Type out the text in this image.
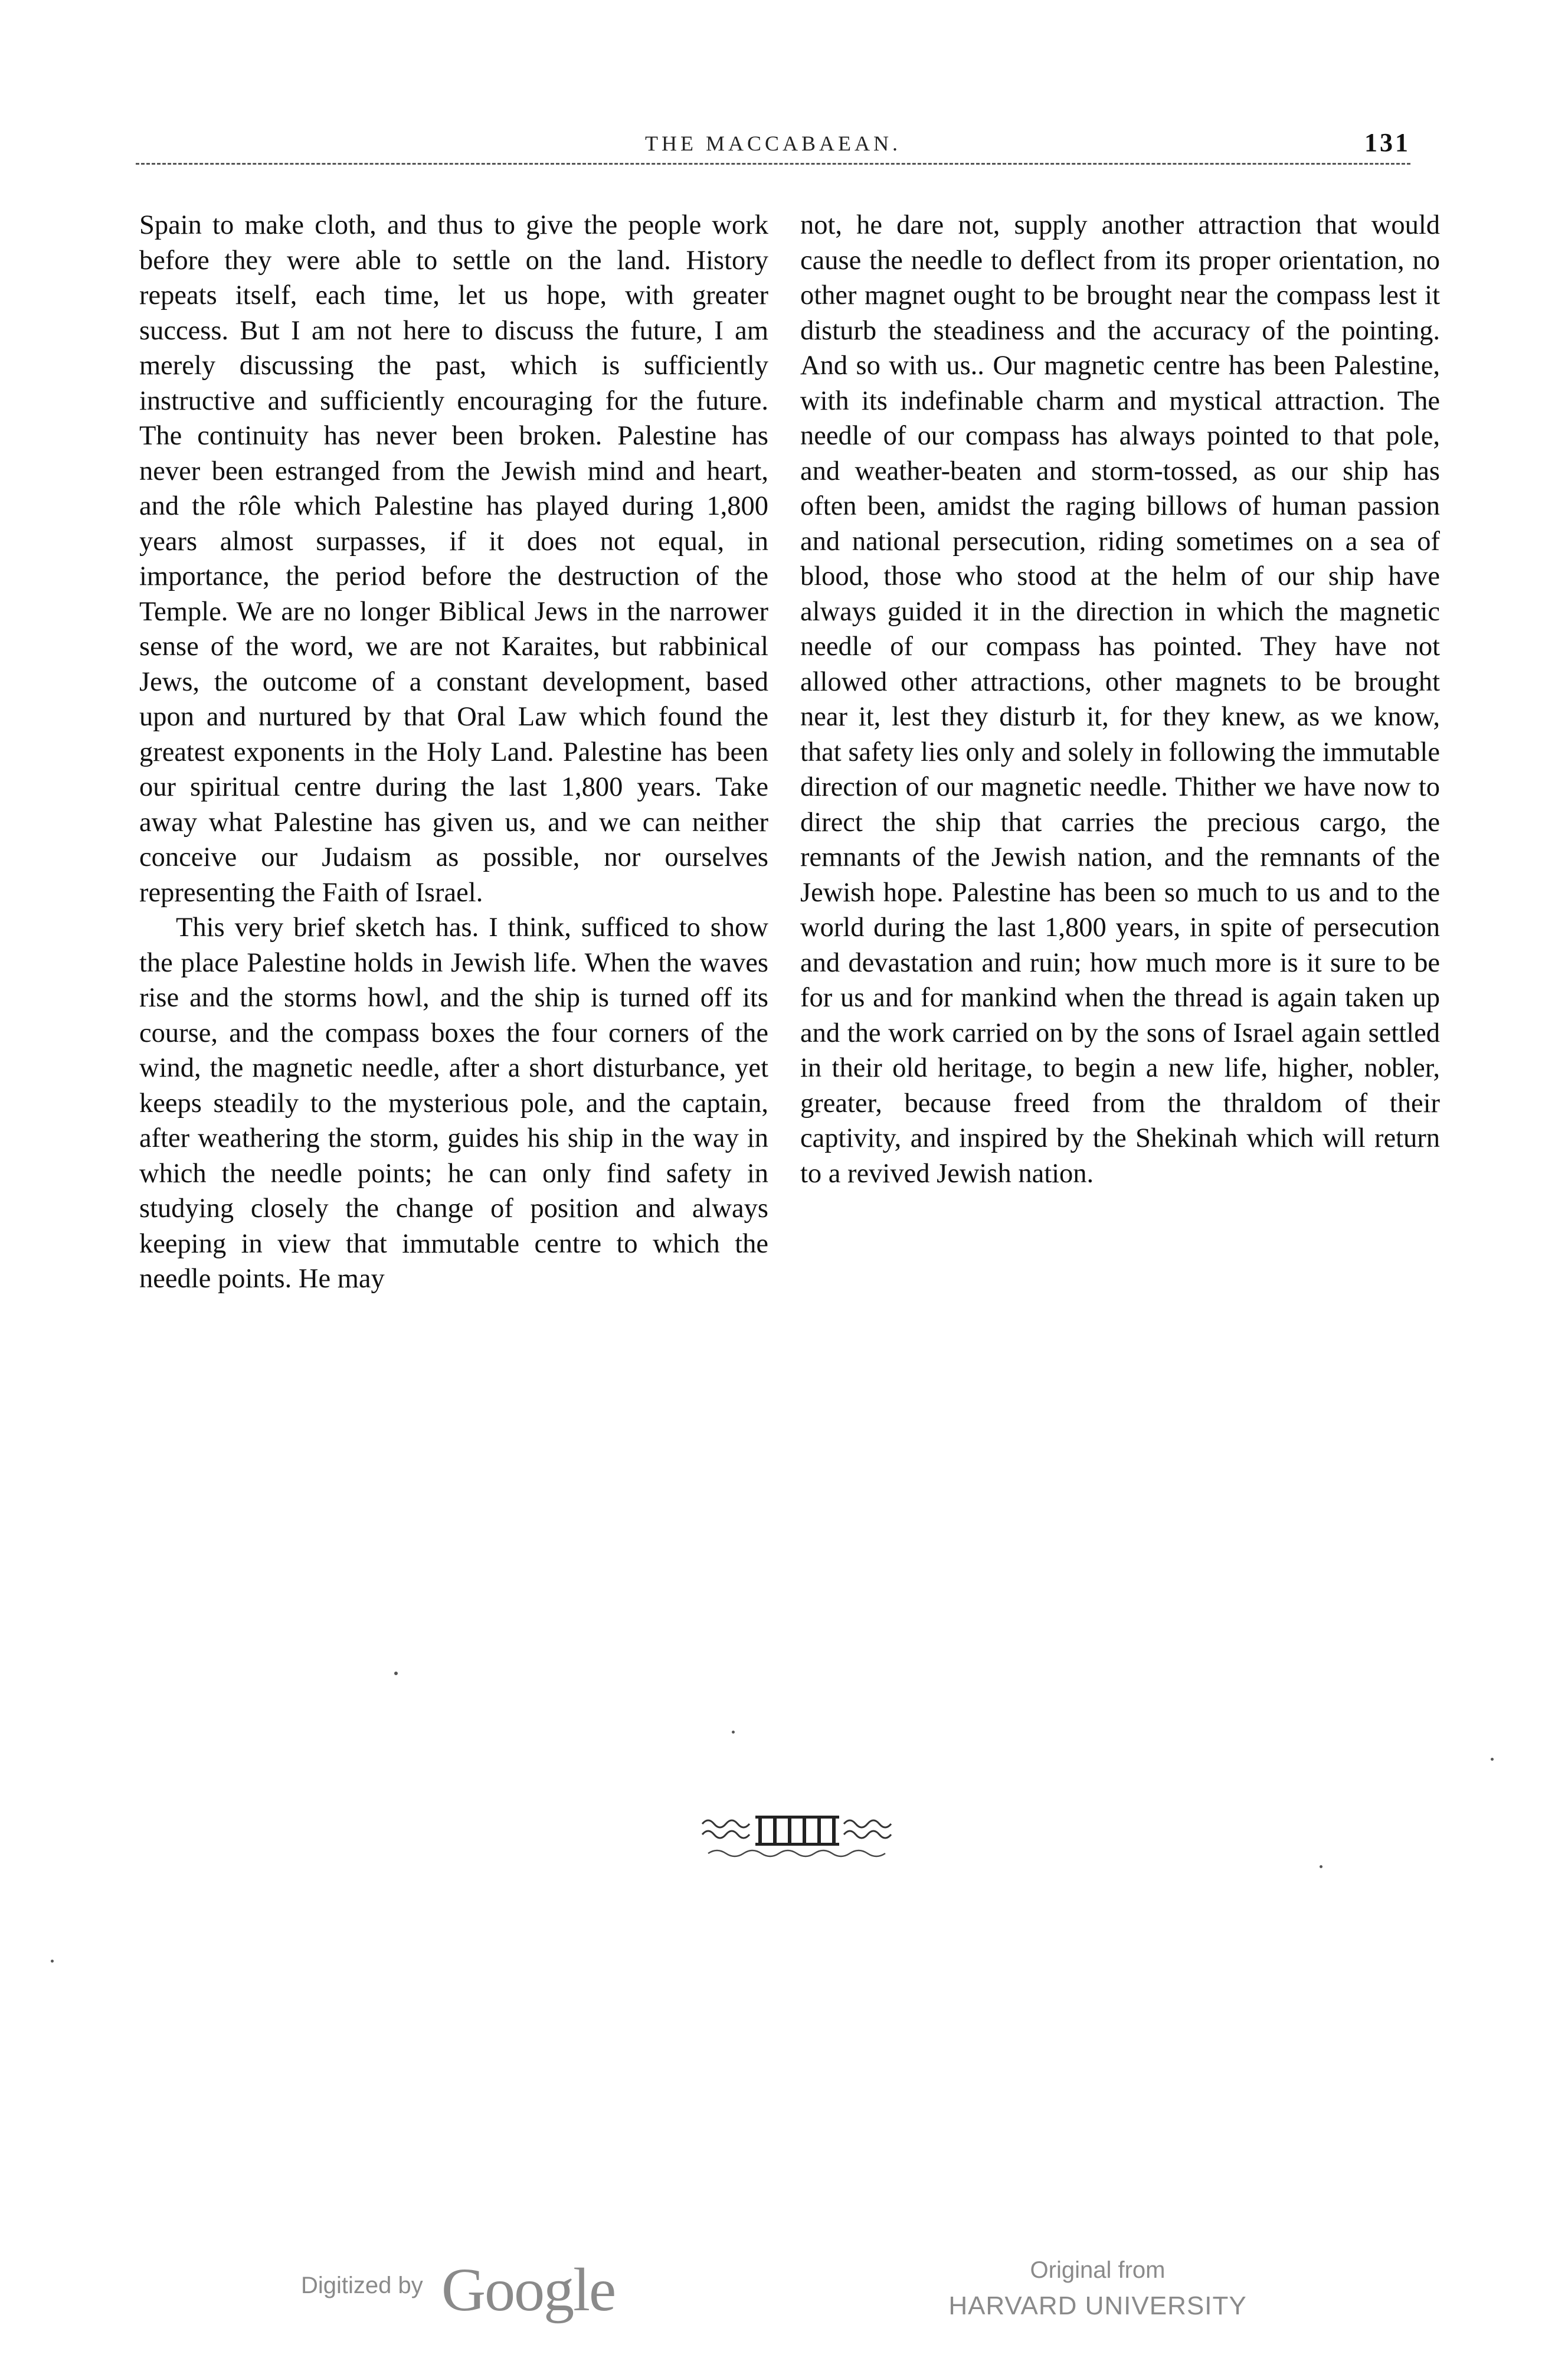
THE MACCABAEAN.	131

Spain to make cloth, and thus to give the people work before they were able to settle on the land. History repeats itself, each time, let us hope, with greater success. But I am not here to discuss the future, I am merely discussing the past, which is sufficiently instructive and sufficiently encouraging for the future. The continuity has never been broken. Palestine has never been estranged from the Jewish mind and heart, and the rôle which Palestine has played during 1,800 years almost surpasses, if it does not equal, in importance, the period before the destruction of the Temple. We are no longer Biblical Jews in the narrower sense of the word, we are not Karaites, but rabbinical Jews, the outcome of a constant development, based upon and nurtured by that Oral Law which found the greatest exponents in the Holy Land. Palestine has been our spiritual centre during the last 1,800 years. Take away what Palestine has given us, and we can neither conceive our Judaism as possible, nor ourselves representing the Faith of Israel.

This very brief sketch has. I think, sufficed to show the place Palestine holds in Jewish life. When the waves rise and the storms howl, and the ship is turned off its course, and the compass boxes the four corners of the wind, the magnetic needle, after a short disturbance, yet keeps steadily to the mysterious pole, and the captain, after weathering the storm, guides his ship in the way in which the needle points; he can only find safety in studying closely the change of position and always keeping in view that immutable centre to which the needle points. He may

not, he dare not, supply another attraction that would cause the needle to deflect from its proper orientation, no other magnet ought to be brought near the compass lest it disturb the steadiness and the accuracy of the pointing. And so with us.. Our magnetic centre has been Palestine, with its indefinable charm and mystical attraction. The needle of our compass has always pointed to that pole, and weather-beaten and storm-tossed, as our ship has often been, amidst the raging billows of human passion and national persecution, riding sometimes on a sea of blood, those who stood at the helm of our ship have always guided it in the direction in which the magnetic needle of our compass has pointed. They have not allowed other attractions, other magnets to be brought near it, lest they disturb it, for they knew, as we know, that safety lies only and solely in following the immutable direction of our magnetic needle. Thither we have now to direct the ship that carries the precious cargo, the remnants of the Jewish nation, and the remnants of the Jewish hope. Palestine has been so much to us and to the world during the last 1,800 years, in spite of persecution and devastation and ruin; how much more is it sure to be for us and for mankind when the thread is again taken up and the work carried on by the sons of Israel again settled in their old heritage, to begin a new life, higher, nobler, greater, because freed from the thraldom of their captivity, and inspired by the Shekinah which will return to a revived Jewish nation.

Digitized by Google	Original from
HARVARD UNIVERSITY
